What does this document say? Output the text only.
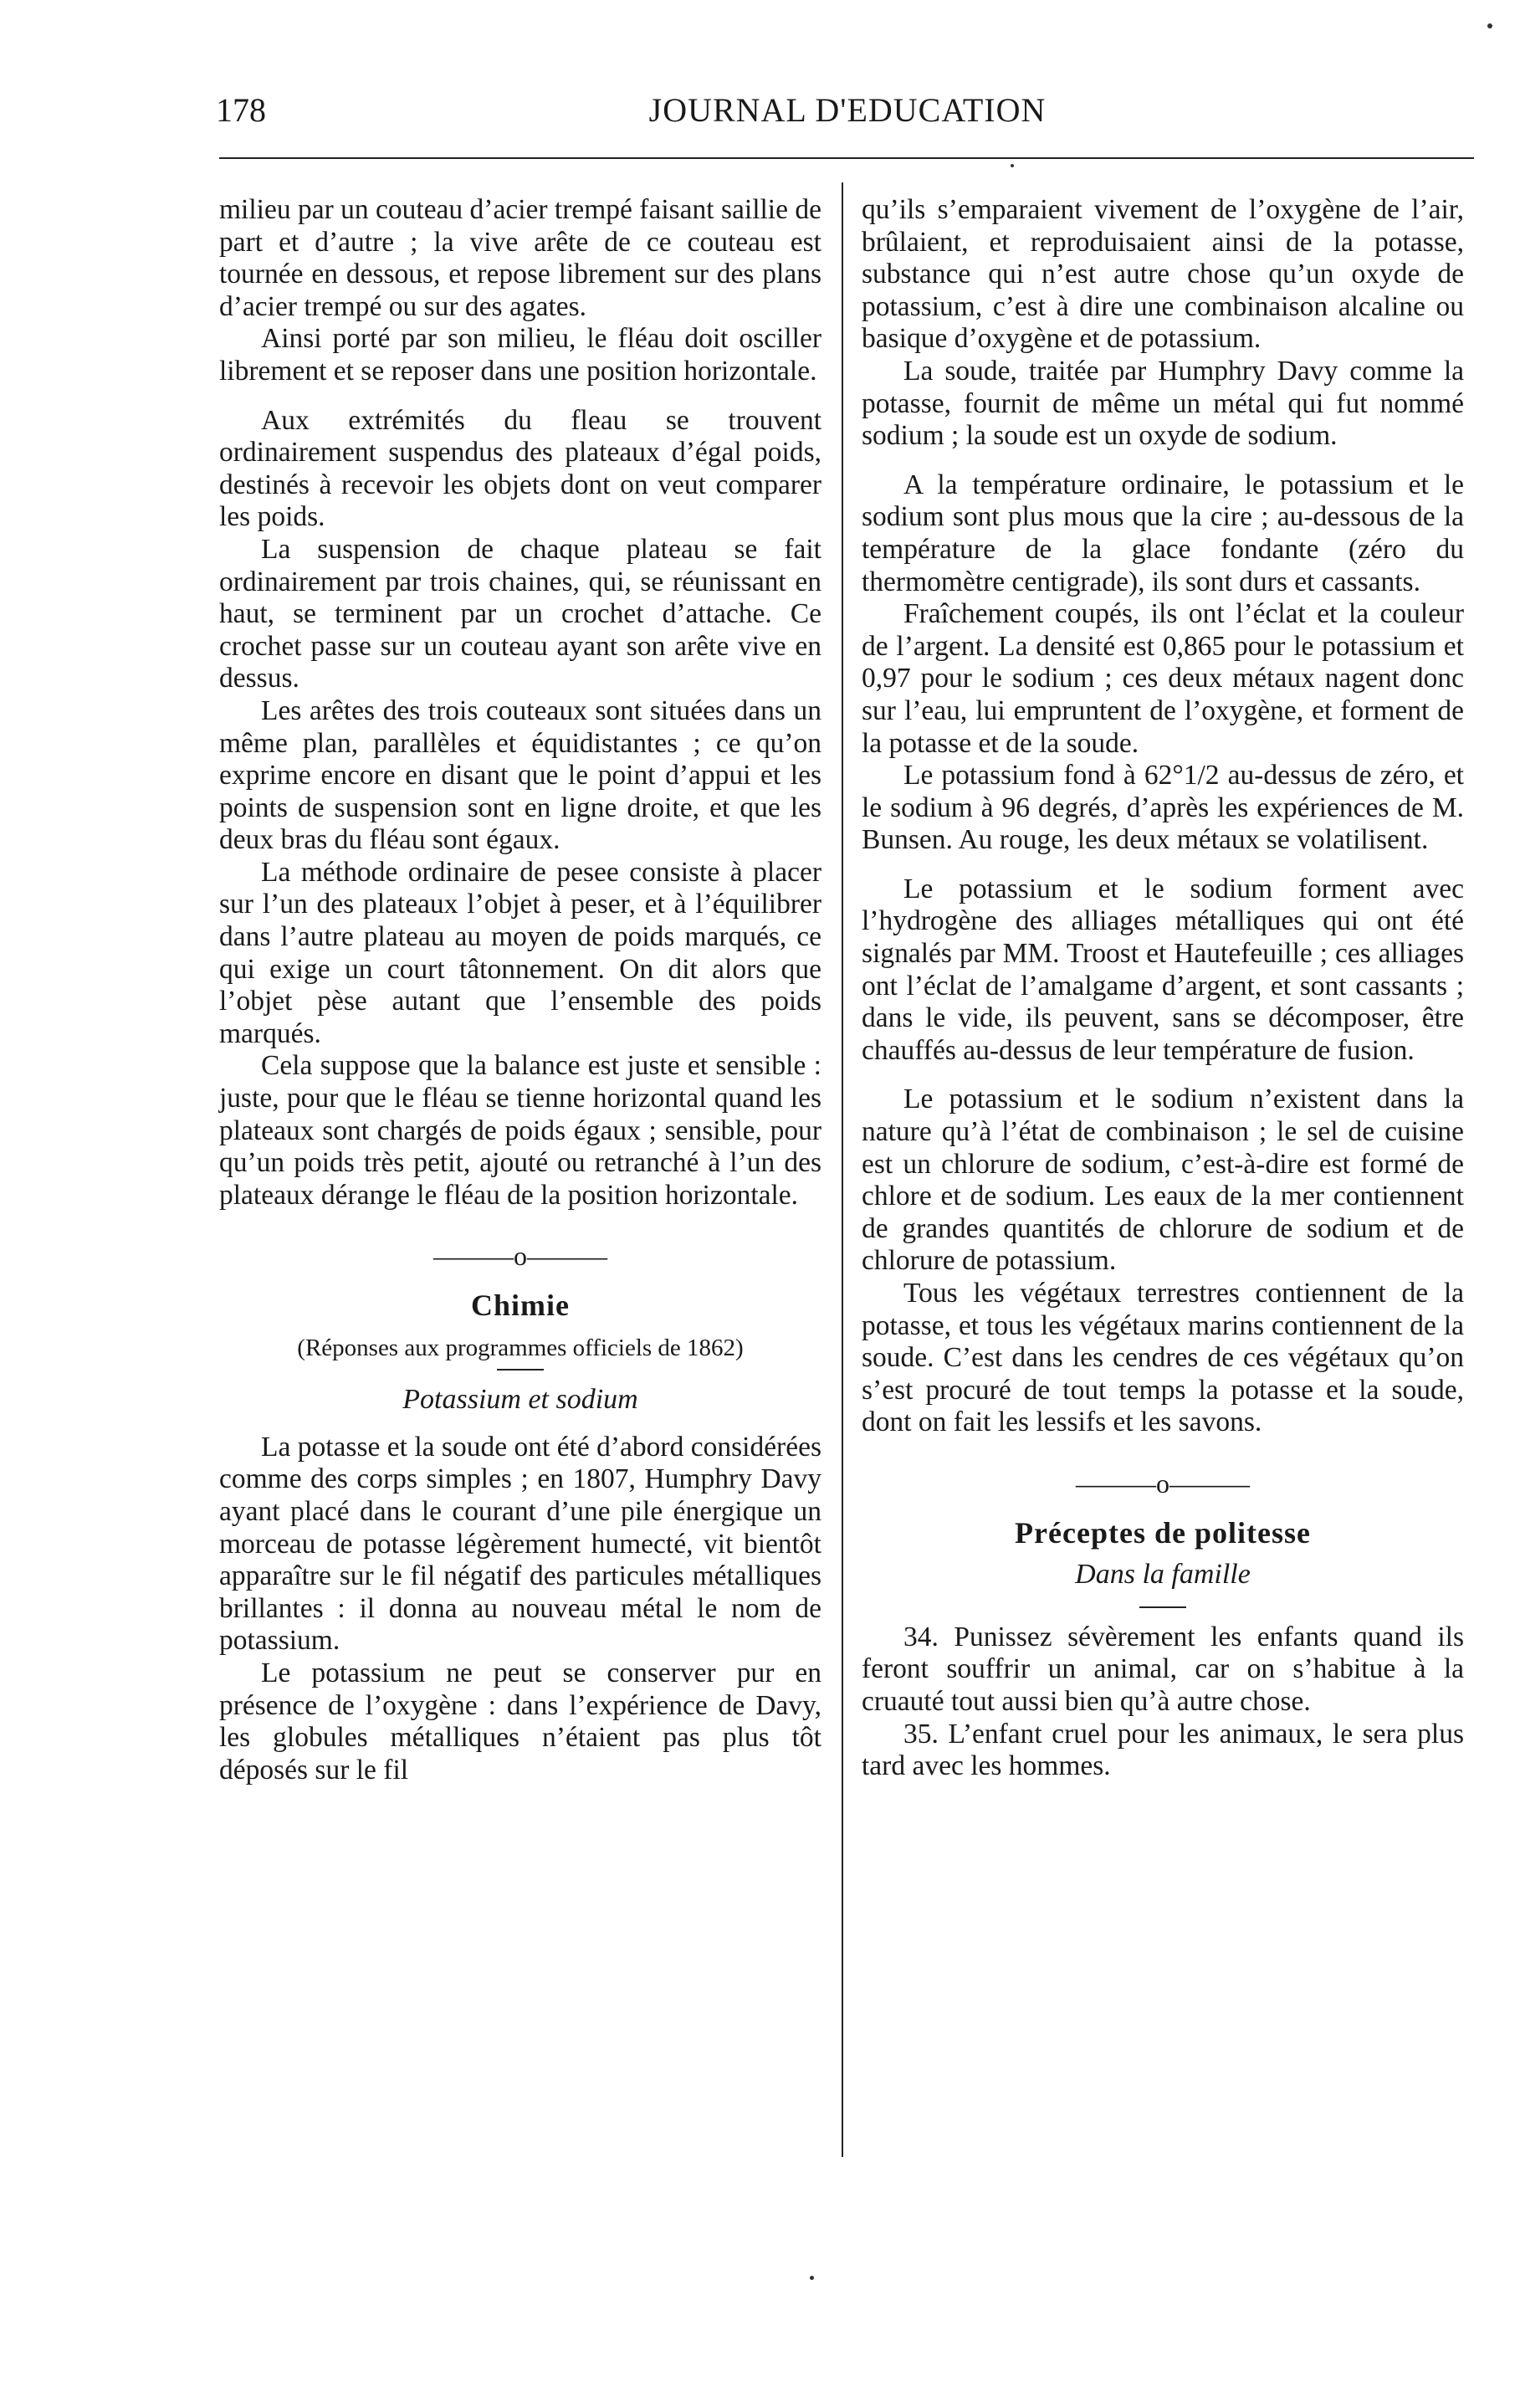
178	JOURNAL D'EDUCATION

milieu par un couteau d’acier trempé faisant saillie de part et d’autre ; la vive arête de ce couteau est tournée en dessous, et repose librement sur des plans d’acier trempé ou sur des agates.

Ainsi porté par son milieu, le fléau doit osciller librement et se reposer dans une position horizontale.

Aux extrémités du fleau se trouvent ordinairement suspendus des plateaux d’égal poids, destinés à recevoir les objets dont on veut comparer les poids.

La suspension de chaque plateau se fait ordinairement par trois chaines, qui, se réunissant en haut, se terminent par un crochet d’attache. Ce crochet passe sur un couteau ayant son arête vive en dessus.

Les arêtes des trois couteaux sont situées dans un même plan, parallèles et équidistantes ; ce qu’on exprime encore en disant que le point d’appui et les points de suspension sont en ligne droite, et que les deux bras du fléau sont égaux.

La méthode ordinaire de pesee consiste à placer sur l’un des plateaux l’objet à peser, et à l’équilibrer dans l’autre plateau au moyen de poids marqués, ce qui exige un court tâtonnement. On dit alors que l’objet pèse autant que l’ensemble des poids marqués.

Cela suppose que la balance est juste et sensible : juste, pour que le fléau se tienne horizontal quand les plateaux sont chargés de poids égaux ; sensible, pour qu’un poids très petit, ajouté ou retranché à l’un des plateaux dérange le fléau de la position horizontale.

———o———
Chimie
(Réponses aux programmes officiels de 1862)
Potassium et sodium

La potasse et la soude ont été d’abord considérées comme des corps simples ; en 1807, Humphry Davy ayant placé dans le courant d’une pile énergique un morceau de potasse légèrement humecté, vit bientôt apparaître sur le fil négatif des particules métalliques brillantes : il donna au nouveau métal le nom de potassium.

Le potassium ne peut se conserver pur en présence de l’oxygène : dans l’expérience de Davy, les globules métalliques n’étaient pas plus tôt déposés sur le fil

qu’ils s’emparaient vivement de l’oxygène de l’air, brûlaient, et reproduisaient ainsi de la potasse, substance qui n’est autre chose qu’un oxyde de potassium, c’est à dire une combinaison alcaline ou basique d’oxygène et de potassium.

La soude, traitée par Humphry Davy comme la potasse, fournit de même un métal qui fut nommé sodium ; la soude est un oxyde de sodium.

A la température ordinaire, le potassium et le sodium sont plus mous que la cire ; au-dessous de la température de la glace fondante (zéro du thermomètre centigrade), ils sont durs et cassants.

Fraîchement coupés, ils ont l’éclat et la couleur de l’argent. La densité est 0,865 pour le potassium et 0,97 pour le sodium ; ces deux métaux nagent donc sur l’eau, lui empruntent de l’oxygène, et forment de la potasse et de la soude.

Le potassium fond à 62°1/2 au-dessus de zéro, et le sodium à 96 degrés, d’après les expériences de M. Bunsen. Au rouge, les deux métaux se volatilisent.

Le potassium et le sodium forment avec l’hydrogène des alliages métalliques qui ont été signalés par MM. Troost et Hautefeuille ; ces alliages ont l’éclat de l’amalgame d’argent, et sont cassants ; dans le vide, ils peuvent, sans se décomposer, être chauffés au-dessus de leur température de fusion.

Le potassium et le sodium n’existent dans la nature qu’à l’état de combinaison ; le sel de cuisine est un chlorure de sodium, c’est-à-dire est formé de chlore et de sodium. Les eaux de la mer contiennent de grandes quantités de chlorure de sodium et de chlorure de potassium.

Tous les végétaux terrestres contiennent de la potasse, et tous les végétaux marins contiennent de la soude. C’est dans les cendres de ces végétaux qu’on s’est procuré de tout temps la potasse et la soude, dont on fait les lessifs et les savons.

———o———
Préceptes de politesse
Dans la famille

34. Punissez sévèrement les enfants quand ils feront souffrir un animal, car on s’habitue à la cruauté tout aussi bien qu’à autre chose.

35. L’enfant cruel pour les animaux, le sera plus tard avec les hommes.
